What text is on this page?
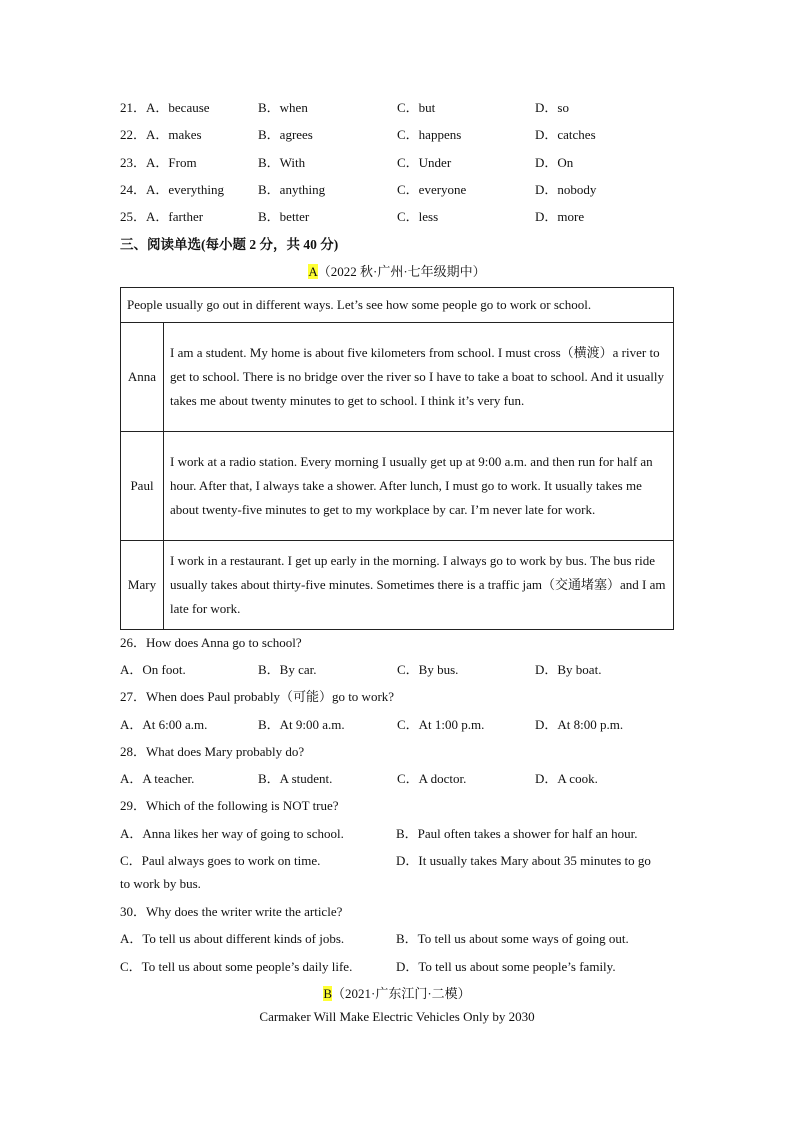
21．A．because	B．when	C．but	D．so
22．A．makes	B．agrees	C．happens	D．catches
23．A．From	B．With	C．Under	D．On
24．A．everything	B．anything	C．everyone	D．nobody
25．A．farther	B．better	C．less	D．more
三、阅读单选(每小题 2 分，共 40 分)
A（2022 秋·广州·七年级期中）
People usually go out in different ways. Let’s see how some people go to work or school.	
Anna	I am a student. My home is about five kilometers from school. I must cross（横渡）a river to get to school. There is no bridge over the river so I have to take a boat to school. And it usually takes me about twenty minutes to get to school. I think it’s very fun.
Paul	I work at a radio station. Every morning I usually get up at 9:00 a.m. and then run for half an hour. After that, I always take a shower. After lunch, I must go to work. It usually takes me about twenty-five minutes to get to my workplace by car. I’m never late for work.
Mary	I work in a restaurant. I get up early in the morning. I always go to work by bus. The bus ride usually takes about thirty-five minutes. Sometimes there is a traffic jam（交通堵塞）and I am late for work.
26．How does Anna go to school?
A．On foot.	B．By car.	C．By bus.	D．By boat.
27．When does Paul probably（可能）go to work?
A．At 6:00 a.m.	B．At 9:00 a.m.	C．At 1:00 p.m.	D．At 8:00 p.m.
28．What does Mary probably do?
A．A teacher.	B．A student.	C．A doctor.	D．A cook.
29．Which of the following is NOT true?
A．Anna likes her way of going to school.	B．Paul often takes a shower for half an hour.
C．Paul always goes to work on time.	D．It usually takes Mary about 35 minutes to go
to work by bus.
30．Why does the writer write the article?
A．To tell us about different kinds of jobs.	B．To tell us about some ways of going out.
C．To tell us about some people’s daily life.	D．To tell us about some people’s family.
B（2021·广东江门·二模）
Carmaker Will Make Electric Vehicles Only by 2030
